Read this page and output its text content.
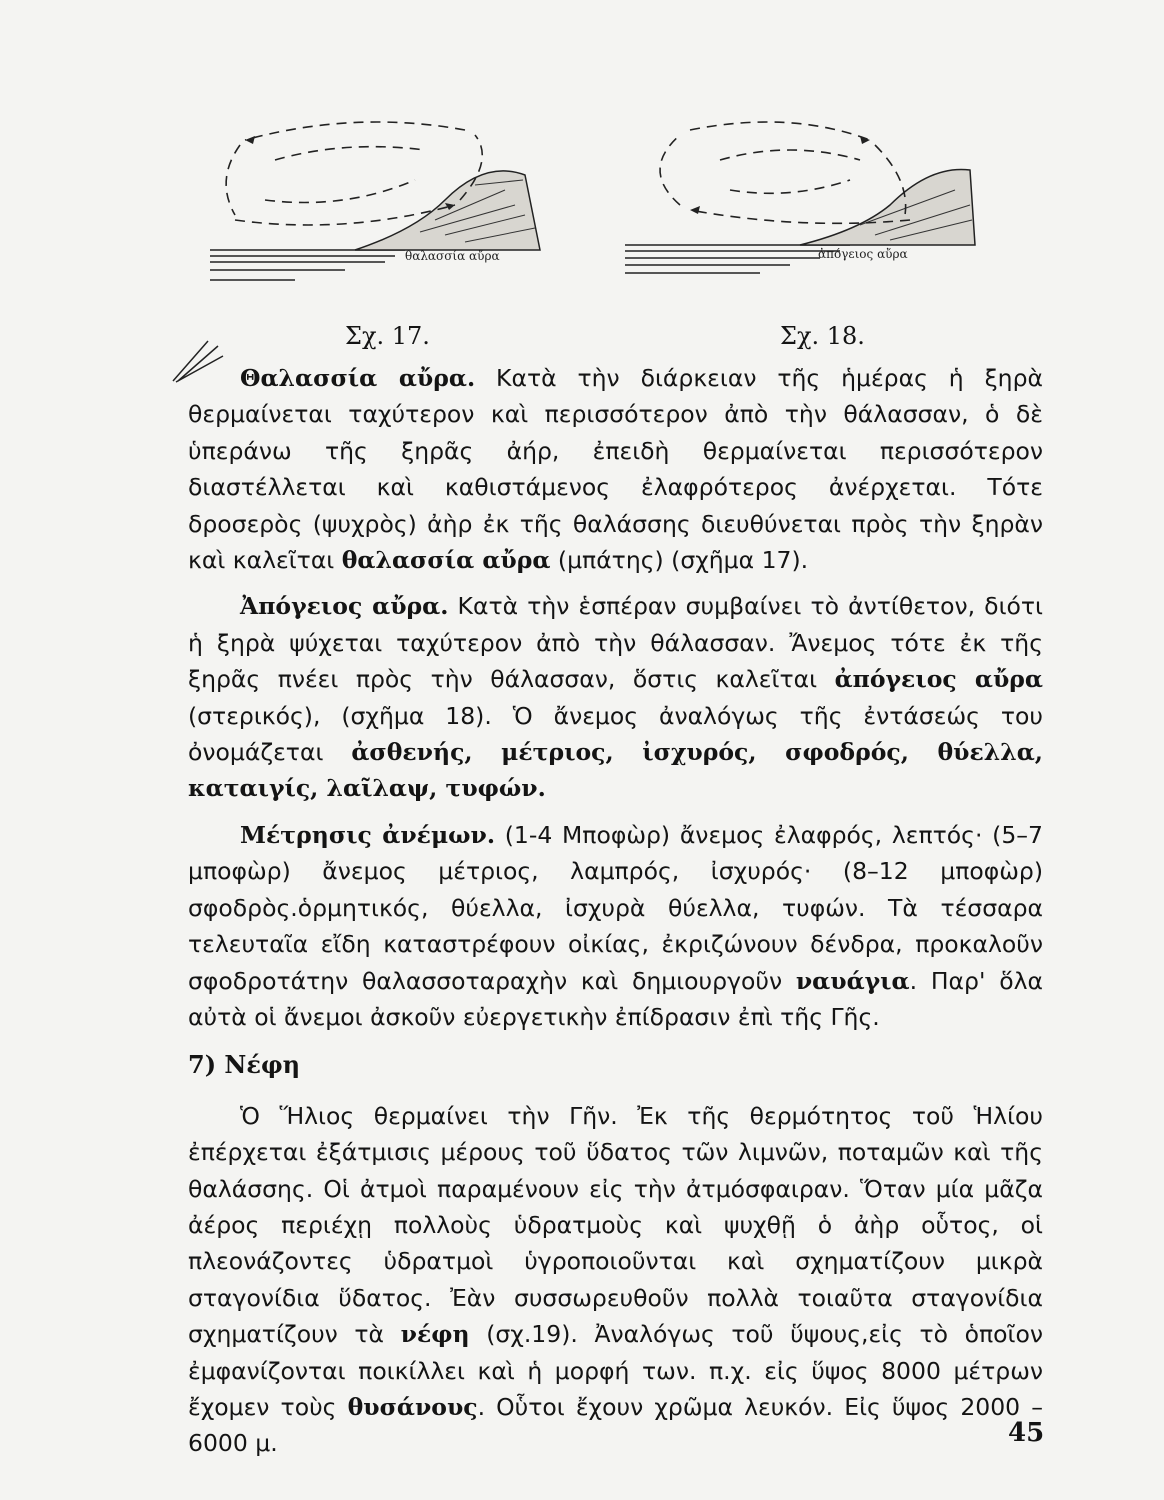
θαλασσία αὔρα
Σχ. 17.
ἀπόγειος αὔρα
Σχ. 18.

Θαλασσία αὔρα. Κατὰ τὴν διάρκειαν τῆς ἡμέρας ἡ ξηρὰ θερμαίνεται ταχύτερον καὶ περισσότερον ἀπὸ τὴν θάλασσαν, ὁ δὲ ὑπεράνω τῆς ξηρᾶς ἀήρ, ἐπειδὴ θερμαίνεται περισσότερον διαστέλλεται καὶ καθιστάμενος ἐλαφρότερος ἀνέρχεται. Τότε δροσερὸς (ψυχρὸς) ἀὴρ ἐκ τῆς θαλάσσης διευθύνεται πρὸς τὴν ξηρὰν καὶ καλεῖται θαλασσία αὔρα (μπάτης) (σχῆμα 17).

Ἀπόγειος αὔρα. Κατὰ τὴν ἑσπέραν συμβαίνει τὸ ἀντίθετον, διότι ἡ ξηρὰ ψύχεται ταχύτερον ἀπὸ τὴν θάλασσαν. Ἄνεμος τότε ἐκ τῆς ξηρᾶς πνέει πρὸς τὴν θάλασσαν, ὅστις καλεῖται ἀπόγειος αὔρα (στερικός), (σχῆμα 18). Ὁ ἄνεμος ἀναλόγως τῆς ἐντάσεώς του ὀνομάζεται ἀσθενής, μέτριος, ἰσχυρός, σφοδρός, θύελλα, καταιγίς, λαῖλαψ, τυφών.

Μέτρησις ἀνέμων. (1-4 Μποφὼρ) ἄνεμος ἐλαφρός, λεπτός· (5–7 μποφὼρ) ἄνεμος μέτριος, λαμπρός, ἰσχυρός· (8–12 μποφὼρ) σφοδρὸς.ὁρμητικός, θύελλα, ἰσχυρὰ θύελλα, τυφών. Τὰ τέσσαρα τελευταῖα εἴδη καταστρέφουν οἰκίας, ἐκριζώνουν δένδρα, προκαλοῦν σφοδροτάτην θαλασσοταραχὴν καὶ δημιουργοῦν ναυάγια. Παρ' ὅλα αὐτὰ οἱ ἄνεμοι ἀσκοῦν εὐεργετικὴν ἐπίδρασιν ἐπὶ τῆς Γῆς.

7) Νέφη

Ὁ Ἥλιος θερμαίνει τὴν Γῆν. Ἐκ τῆς θερμότητος τοῦ Ἡλίου ἐπέρχεται ἐξάτμισις μέρους τοῦ ὕδατος τῶν λιμνῶν, ποταμῶν καὶ τῆς θαλάσσης. Οἱ ἀτμοὶ παραμένουν εἰς τὴν ἀτμόσφαιραν. Ὅταν μία μᾶζα ἀέρος περιέχῃ πολλοὺς ὑδρατμοὺς καὶ ψυχθῇ ὁ ἀὴρ οὗτος, οἱ πλεονάζοντες ὑδρατμοὶ ὑγροποιοῦνται καὶ σχηματίζουν μικρὰ σταγονίδια ὕδατος. Ἐὰν συσσωρευθοῦν πολλὰ τοιαῦτα σταγονίδια σχηματίζουν τὰ νέφη (σχ.19). Ἀναλόγως τοῦ ὕψους,εἰς τὸ ὁποῖον ἐμφανίζονται ποικίλλει καὶ ἡ μορφή των. π.χ. εἰς ὕψος 8000 μέτρων ἔχομεν τοὺς θυσάνους. Οὗτοι ἔχουν χρῶμα λευκόν. Εἰς ὕψος 2000 – 6000 μ.	45
